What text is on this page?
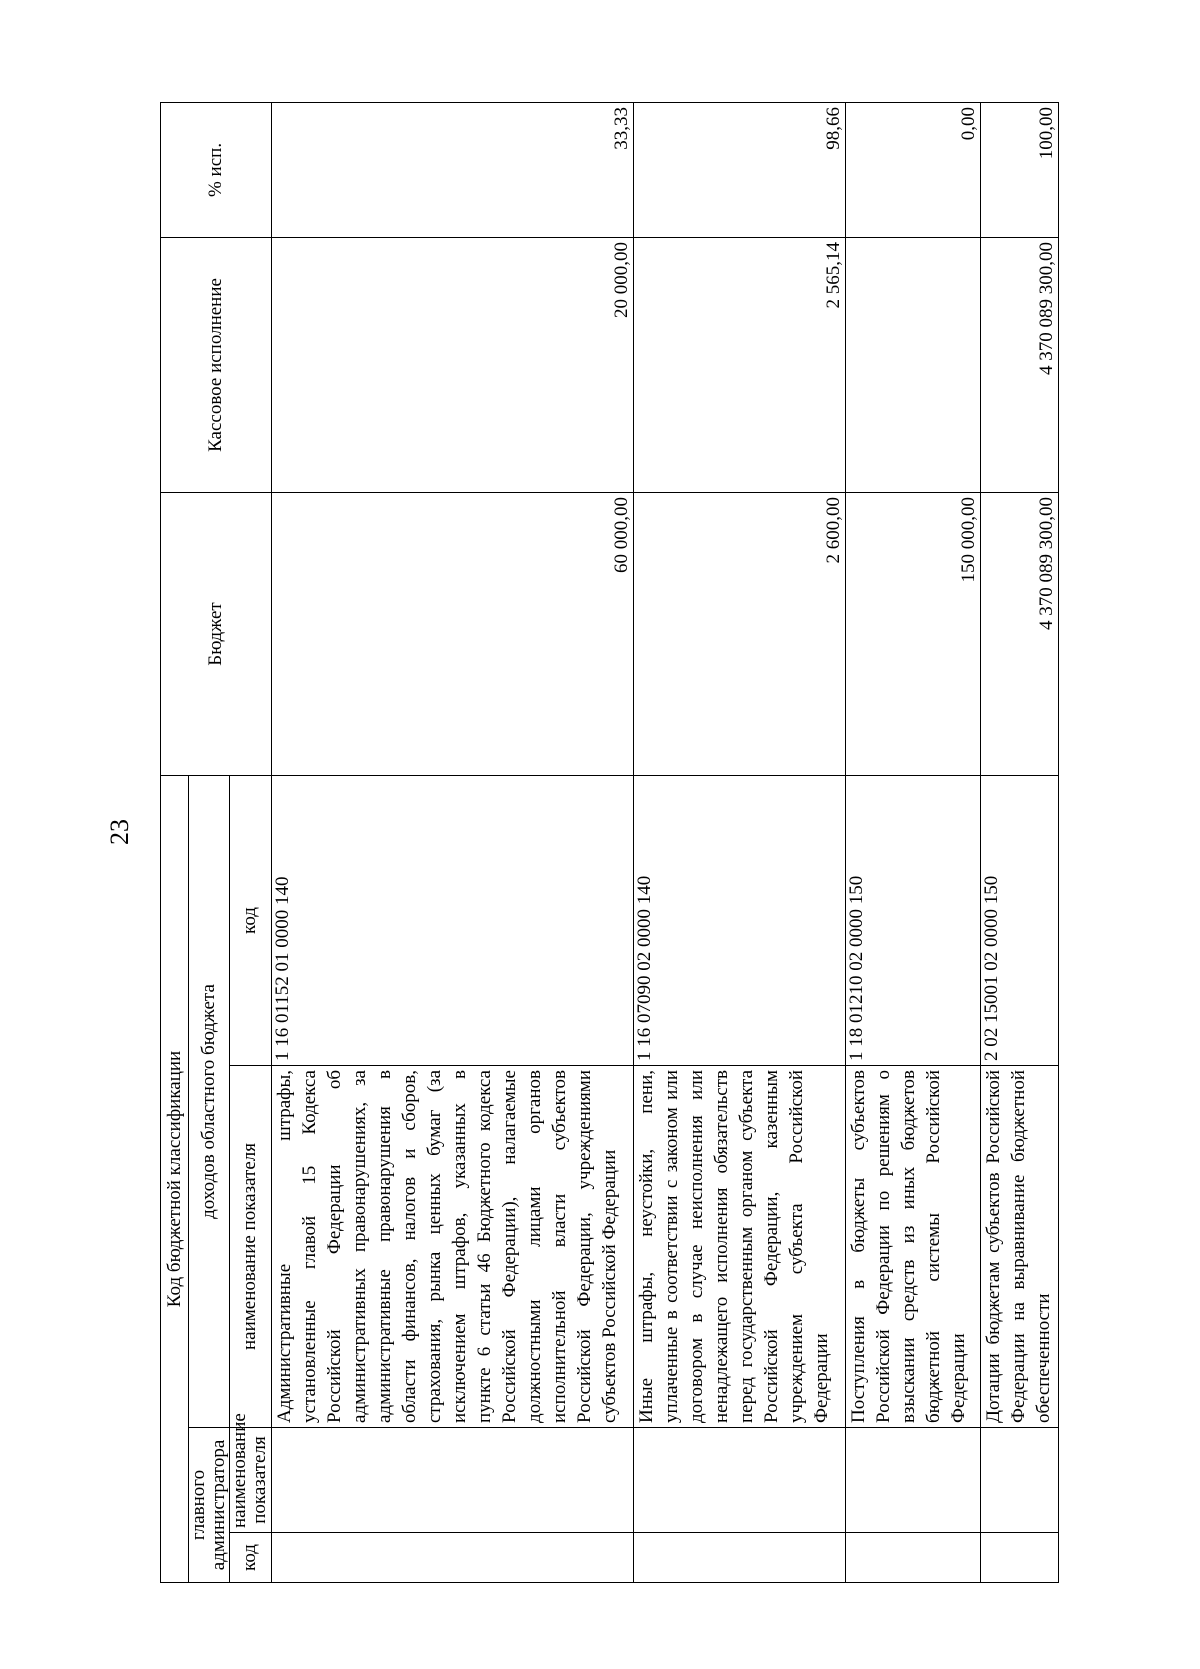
23
Код бюджетной классификации				Бюджет	Кассовое исполнение	% исп.
главного администратора		доходов областного бюджета				
код	наименование показателя	наименование показателя	код			
		Административные штрафы, установленные главой 15 Кодекса Российской Федерации об административных правонарушениях, за административные правонарушения в области финансов, налогов и сборов, страхования, рынка ценных бумаг (за исключением штрафов, указанных в пункте 6 статьи 46 Бюджетного кодекса Российской Федерации), налагаемые должностными лицами органов исполнительной власти субъектов Российской Федерации, учреждениями субъектов Российской Федерации	1 16 01152 01 0000 140	60 000,00	20 000,00	33,33
		Иные штрафы, неустойки, пени, уплаченные в соответствии с законом или договором в случае неисполнения или ненадлежащего исполнения обязательств перед государственным органом субъекта Российской Федерации, казенным учреждением субъекта Российской Федерации	1 16 07090 02 0000 140	2 600,00	2 565,14	98,66
		Поступления в бюджеты субъектов Российской Федерации по решениям о взыскании средств из иных бюджетов бюджетной системы Российской Федерации	1 18 01210 02 0000 150	150 000,00		0,00
		Дотации бюджетам субъектов Российской Федерации на выравнивание бюджетной обеспеченности	2 02 15001 02 0000 150	4 370 089 300,00	4 370 089 300,00	100,00
